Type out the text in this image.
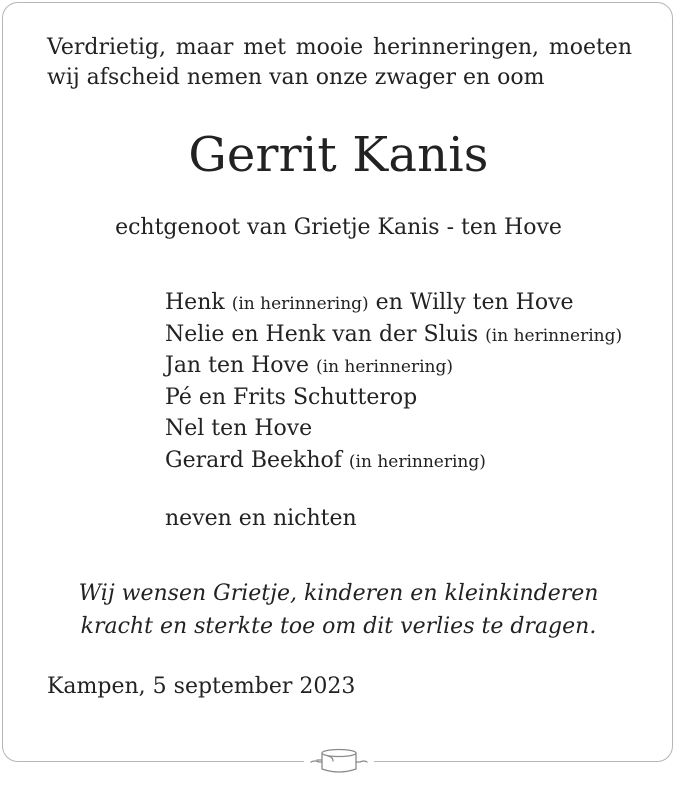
Verdrietig, maar met mooie herinneringen, moeten
wij afscheid nemen van onze zwager en oom
Gerrit Kanis
echtgenoot van Grietje Kanis - ten Hove
Henk (in herinnering) en Willy ten Hove
Nelie en Henk van der Sluis (in herinnering)
Jan ten Hove (in herinnering)
Pé en Frits Schutterop
Nel ten Hove
Gerard Beekhof (in herinnering)
neven en nichten
Wij wensen Grietje, kinderen en kleinkinderen
kracht en sterkte toe om dit verlies te dragen.
Kampen, 5 september 2023
